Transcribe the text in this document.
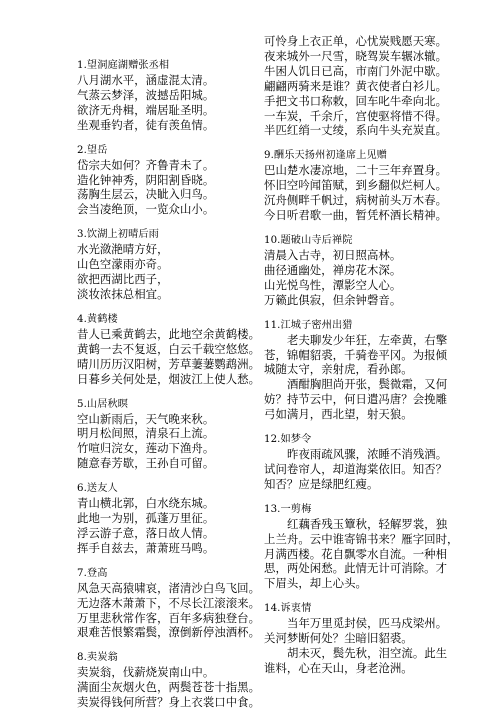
1.望洞庭湖赠张丞相
八月湖水平，涵虚混太清。
气蒸云梦泽，波撼岳阳城。
欲济无舟楫，端居耻圣明。
坐观垂钓者，徒有羡鱼情。
2.望岳
岱宗夫如何？齐鲁青未了。
造化钟神秀，阴阳割昏晓。
荡胸生层云，决眦入归鸟。
会当凌绝顶，一览众山小。
3.饮湖上初晴后雨
水光潋滟晴方好，
山色空濛雨亦奇。
欲把西湖比西子，
淡妆浓抹总相宜。
4.黄鹤楼
昔人已乘黄鹤去，此地空余黄鹤楼。
黄鹤一去不复返，白云千载空悠悠。
晴川历历汉阳树，芳草萋萋鹦鹉洲。
日暮乡关何处是，烟波江上使人愁。
5.山居秋暝
空山新雨后，天气晚来秋。
明月松间照，清泉石上流。
竹喧归浣女，莲动下渔舟。
随意春芳歇，王孙自可留。
6.送友人
青山横北郭，白水绕东城。
此地一为别，孤蓬万里征。
浮云游子意，落日故人情。
挥手自兹去，萧萧班马鸣。
7.登高
风急天高猿啸哀，渚清沙白鸟飞回。
无边落木萧萧下，不尽长江滚滚来。
万里悲秋常作客，百年多病独登台。
艰难苦恨繁霜鬓，潦倒新停浊酒杯。
8.卖炭翁
卖炭翁，伐薪烧炭南山中。
满面尘灰烟火色，两鬓苍苍十指黑。
卖炭得钱何所营？身上衣裳口中食。
可怜身上衣正单，心忧炭贱愿天寒。
夜来城外一尺雪，晓驾炭车辗冰辙。
牛困人饥日已高，市南门外泥中歇。
翩翩两骑来是谁？黄衣使者白衫儿。
手把文书口称敕，回车叱牛牵向北。
一车炭，千余斤，宫使驱将惜不得。
半匹红绡一丈绫，系向牛头充炭直。
9.酬乐天扬州初逢席上见赠
巴山楚水凄凉地，二十三年弃置身。
怀旧空吟闻笛赋，到乡翻似烂柯人。
沉舟侧畔千帆过，病树前头万木春。
今日听君歌一曲，暂凭杯酒长精神。
10.题破山寺后禅院
清晨入古寺，初日照高林。
曲径通幽处，禅房花木深。
山光悦鸟性，潭影空人心。
万籁此俱寂，但余钟磬音。
11.江城子密州出猎
老夫聊发少年狂，左牵黄，右擎
苍，锦帽貂裘，千骑卷平冈。为报倾
城随太守，亲射虎，看孙郎。
酒酣胸胆尚开张，鬓微霜，又何
妨？持节云中，何日遣冯唐？会挽雕
弓如满月，西北望，射天狼。
12.如梦令
昨夜雨疏风骤，浓睡不消残酒。
试问卷帘人，却道海棠依旧。知否？
知否？应是绿肥红瘦。
13.一剪梅
红藕香残玉簟秋，轻解罗裳，独
上兰舟。云中谁寄锦书来？雁字回时，
月满西楼。花自飘零水自流。一种相
思，两处闲愁。此情无计可消除。才
下眉头，却上心头。
14.诉衷情
当年万里觅封侯，匹马戍梁州。
关河梦断何处？尘暗旧貂裘。
胡未灭，鬓先秋，泪空流。此生
谁料，心在天山，身老沧洲。
